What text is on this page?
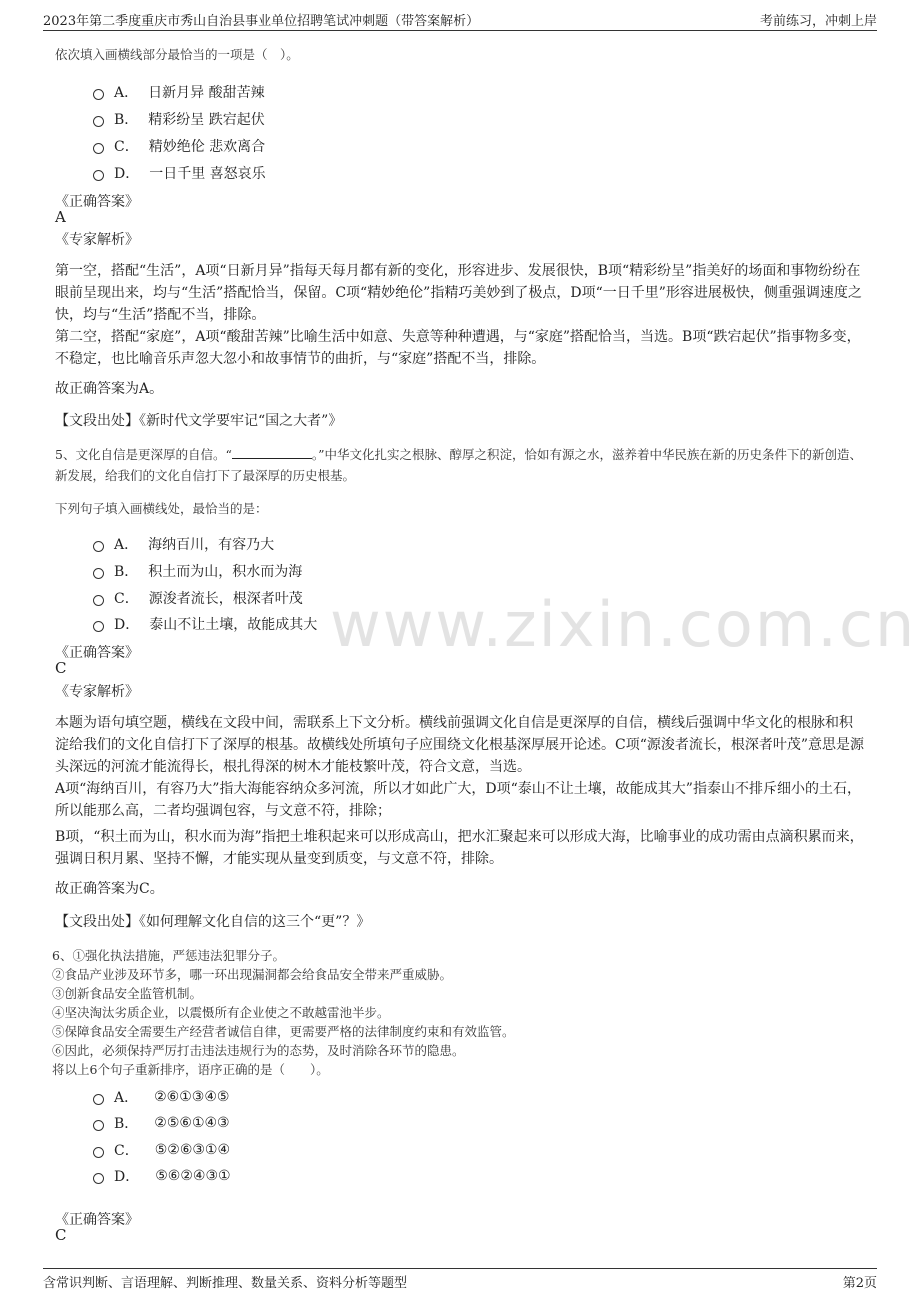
2023年第二季度重庆市秀山自治县事业单位招聘笔试冲刺题（带答案解析）	考前练习，冲刺上岸
www.zixin.com.cn
依次填入画横线部分最恰当的一项是（　）。
A． 日新月异 酸甜苦辣
B． 精彩纷呈 跌宕起伏
C． 精妙绝伦 悲欢离合
D． 一日千里 喜怒哀乐
《正确答案》
A
《专家解析》
第一空，搭配“生活”，A项“日新月异”指每天每月都有新的变化，形容进步、发展很快，B项“精彩纷呈”指美好的场面和事物纷纷在眼前呈现出来，均与“生活”搭配恰当，保留。C项“精妙绝伦”指精巧美妙到了极点，D项“一日千里”形容进展极快，侧重强调速度之快，均与“生活”搭配不当，排除。
第二空，搭配“家庭”，A项“酸甜苦辣”比喻生活中如意、失意等种种遭遇，与“家庭”搭配恰当，当选。B项“跌宕起伏”指事物多变，不稳定，也比喻音乐声忽大忽小和故事情节的曲折，与“家庭”搭配不当，排除。
故正确答案为A。
【文段出处】《新时代文学要牢记“国之大者”》
5、文化自信是更深厚的自信。“	。”中华文化扎实之根脉、醇厚之积淀，恰如有源之水，滋养着中华民族在新的历史条件下的新创造、新发展，给我们的文化自信打下了最深厚的历史根基。
下列句子填入画横线处，最恰当的是：
A． 海纳百川，有容乃大
B． 积土而为山，积水而为海
C． 源浚者流长，根深者叶茂
D． 泰山不让土壤，故能成其大
《正确答案》
C
《专家解析》
本题为语句填空题，横线在文段中间，需联系上下文分析。横线前强调文化自信是更深厚的自信，横线后强调中华文化的根脉和积淀给我们的文化自信打下了深厚的根基。故横线处所填句子应围绕文化根基深厚展开论述。C项“源浚者流长，根深者叶茂”意思是源头深远的河流才能流得长，根扎得深的树木才能枝繁叶茂，符合文意，当选。
A项“海纳百川，有容乃大”指大海能容纳众多河流，所以才如此广大，D项“泰山不让土壤，故能成其大”指泰山不排斥细小的土石，所以能那么高，二者均强调包容，与文意不符，排除；
B项，“积土而为山，积水而为海”指把土堆积起来可以形成高山，把水汇聚起来可以形成大海，比喻事业的成功需由点滴积累而来，强调日积月累、坚持不懈，才能实现从量变到质变，与文意不符，排除。
故正确答案为C。
【文段出处】《如何理解文化自信的这三个“更”？》
6、①强化执法措施，严惩违法犯罪分子。
②食品产业涉及环节多，哪一环出现漏洞都会给食品安全带来严重威胁。
③创新食品安全监管机制。
④坚决淘汰劣质企业，以震慑所有企业使之不敢越雷池半步。
⑤保障食品安全需要生产经营者诚信自律，更需要严格的法律制度约束和有效监管。
⑥因此，必须保持严厉打击违法违规行为的态势，及时消除各环节的隐患。
将以上6个句子重新排序，语序正确的是（　　）。
A． ②⑥①③④⑤
B． ②⑤⑥①④③
C． ⑤②⑥③①④
D． ⑤⑥②④③①
《正确答案》
C
含常识判断、言语理解、判断推理、数量关系、资料分析等题型	第2页
